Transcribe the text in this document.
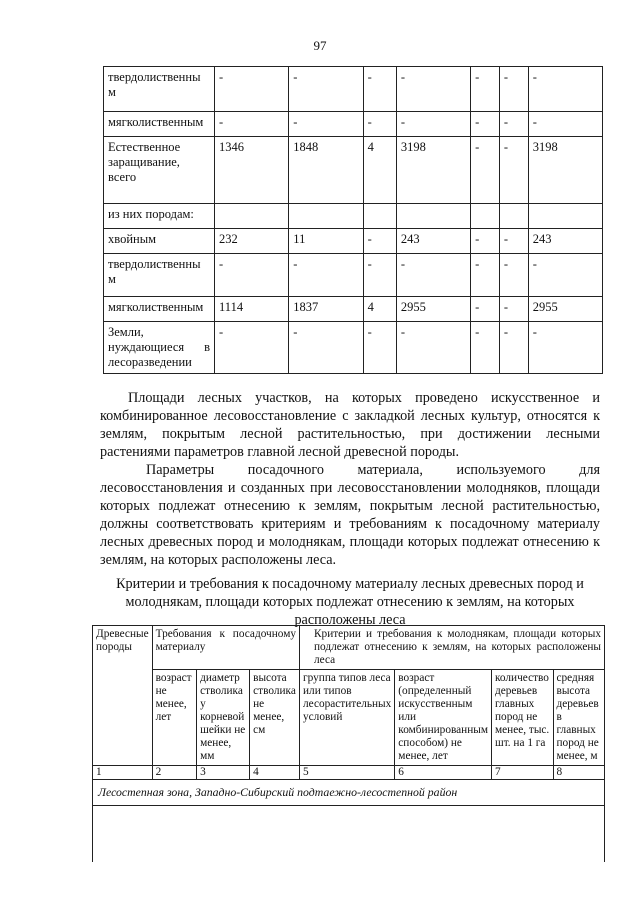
97
твердолиственны м	-	-	-	-	-	-	-
мягколиственным	-	-	-	-	-	-	-
Естественное заращивание, всего	1346	1848	4	3198	-	-	3198
из них породам:							
хвойным	232	11	-	243	-	-	243
твердолиственны м	-	-	-	-	-	-	-
мягколиственным	1114	1837	4	2955	-	-	2955
Земли, нуждающиеся в лесоразведении	-	-	-	-	-	-	-

Площади лесных участков, на которых проведено искусственное и комбинированное лесовосстановление с закладкой лесных культур, относятся к землям, покрытым лесной растительностью, при достижении лесными растениями параметров главной лесной древесной породы.

Параметры посадочного материала, используемого для лесовосстановления и созданных при лесовосстановлении молодняков, площади которых подлежат отнесению к землям, покрытым лесной растительностью, должны соответствовать критериям и требованиям к посадочному материалу лесных древесных пород и молоднякам, площади которых подлежат отнесению к землям, на которых расположены леса.

Критерии и требования к посадочному материалу лесных древесных пород и молоднякам, площади которых подлежат отнесению к землям, на которых расположены леса
Древесные породы	Требования к посадочному материалу			Критерии и требования к молоднякам, площади которых подлежат отнесению к землям, на которых расположены леса			
	возраст не менее, лет	диаметр стволика у корневой шейки не менее, мм	высота стволика не менее, см	группа типов леса или типов лесорастительных условий	возраст (определенный искусственным или комбинированным способом) не менее, лет	количество деревьев главных пород не менее, тыс. шт. на 1 га	средняя высота деревьев в главных пород не менее, м
1	2	3	4	5	6	7	8
Лесостепная зона, Западно-Сибирский подтаежно-лесостепной район							
